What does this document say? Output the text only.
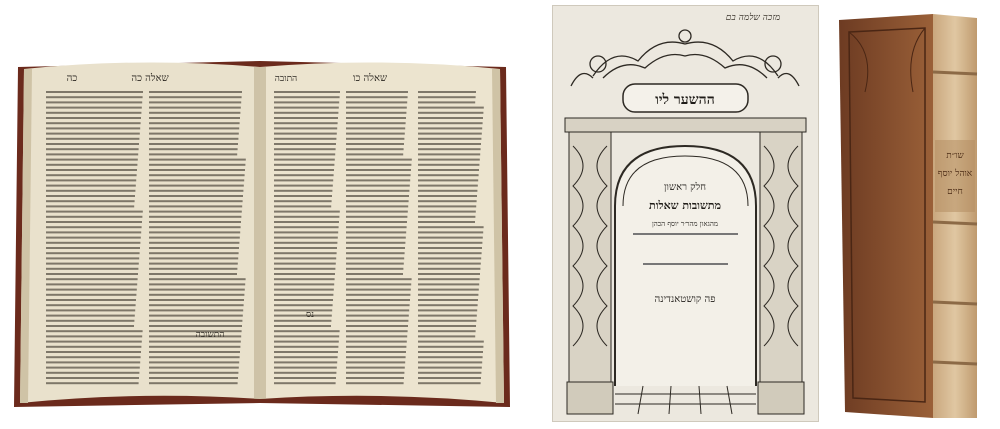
שאלה כה
כה	התובה	שאלה כו
התשובה
נס
מזכה שלמה בם
ההשער ליו
חלק ראשון
מתשובות שאלות
מהגאון מהר׳ר יוסף הכהן
פה קושטאנדינה
שו״ת
אוהל יוסף
חיים
